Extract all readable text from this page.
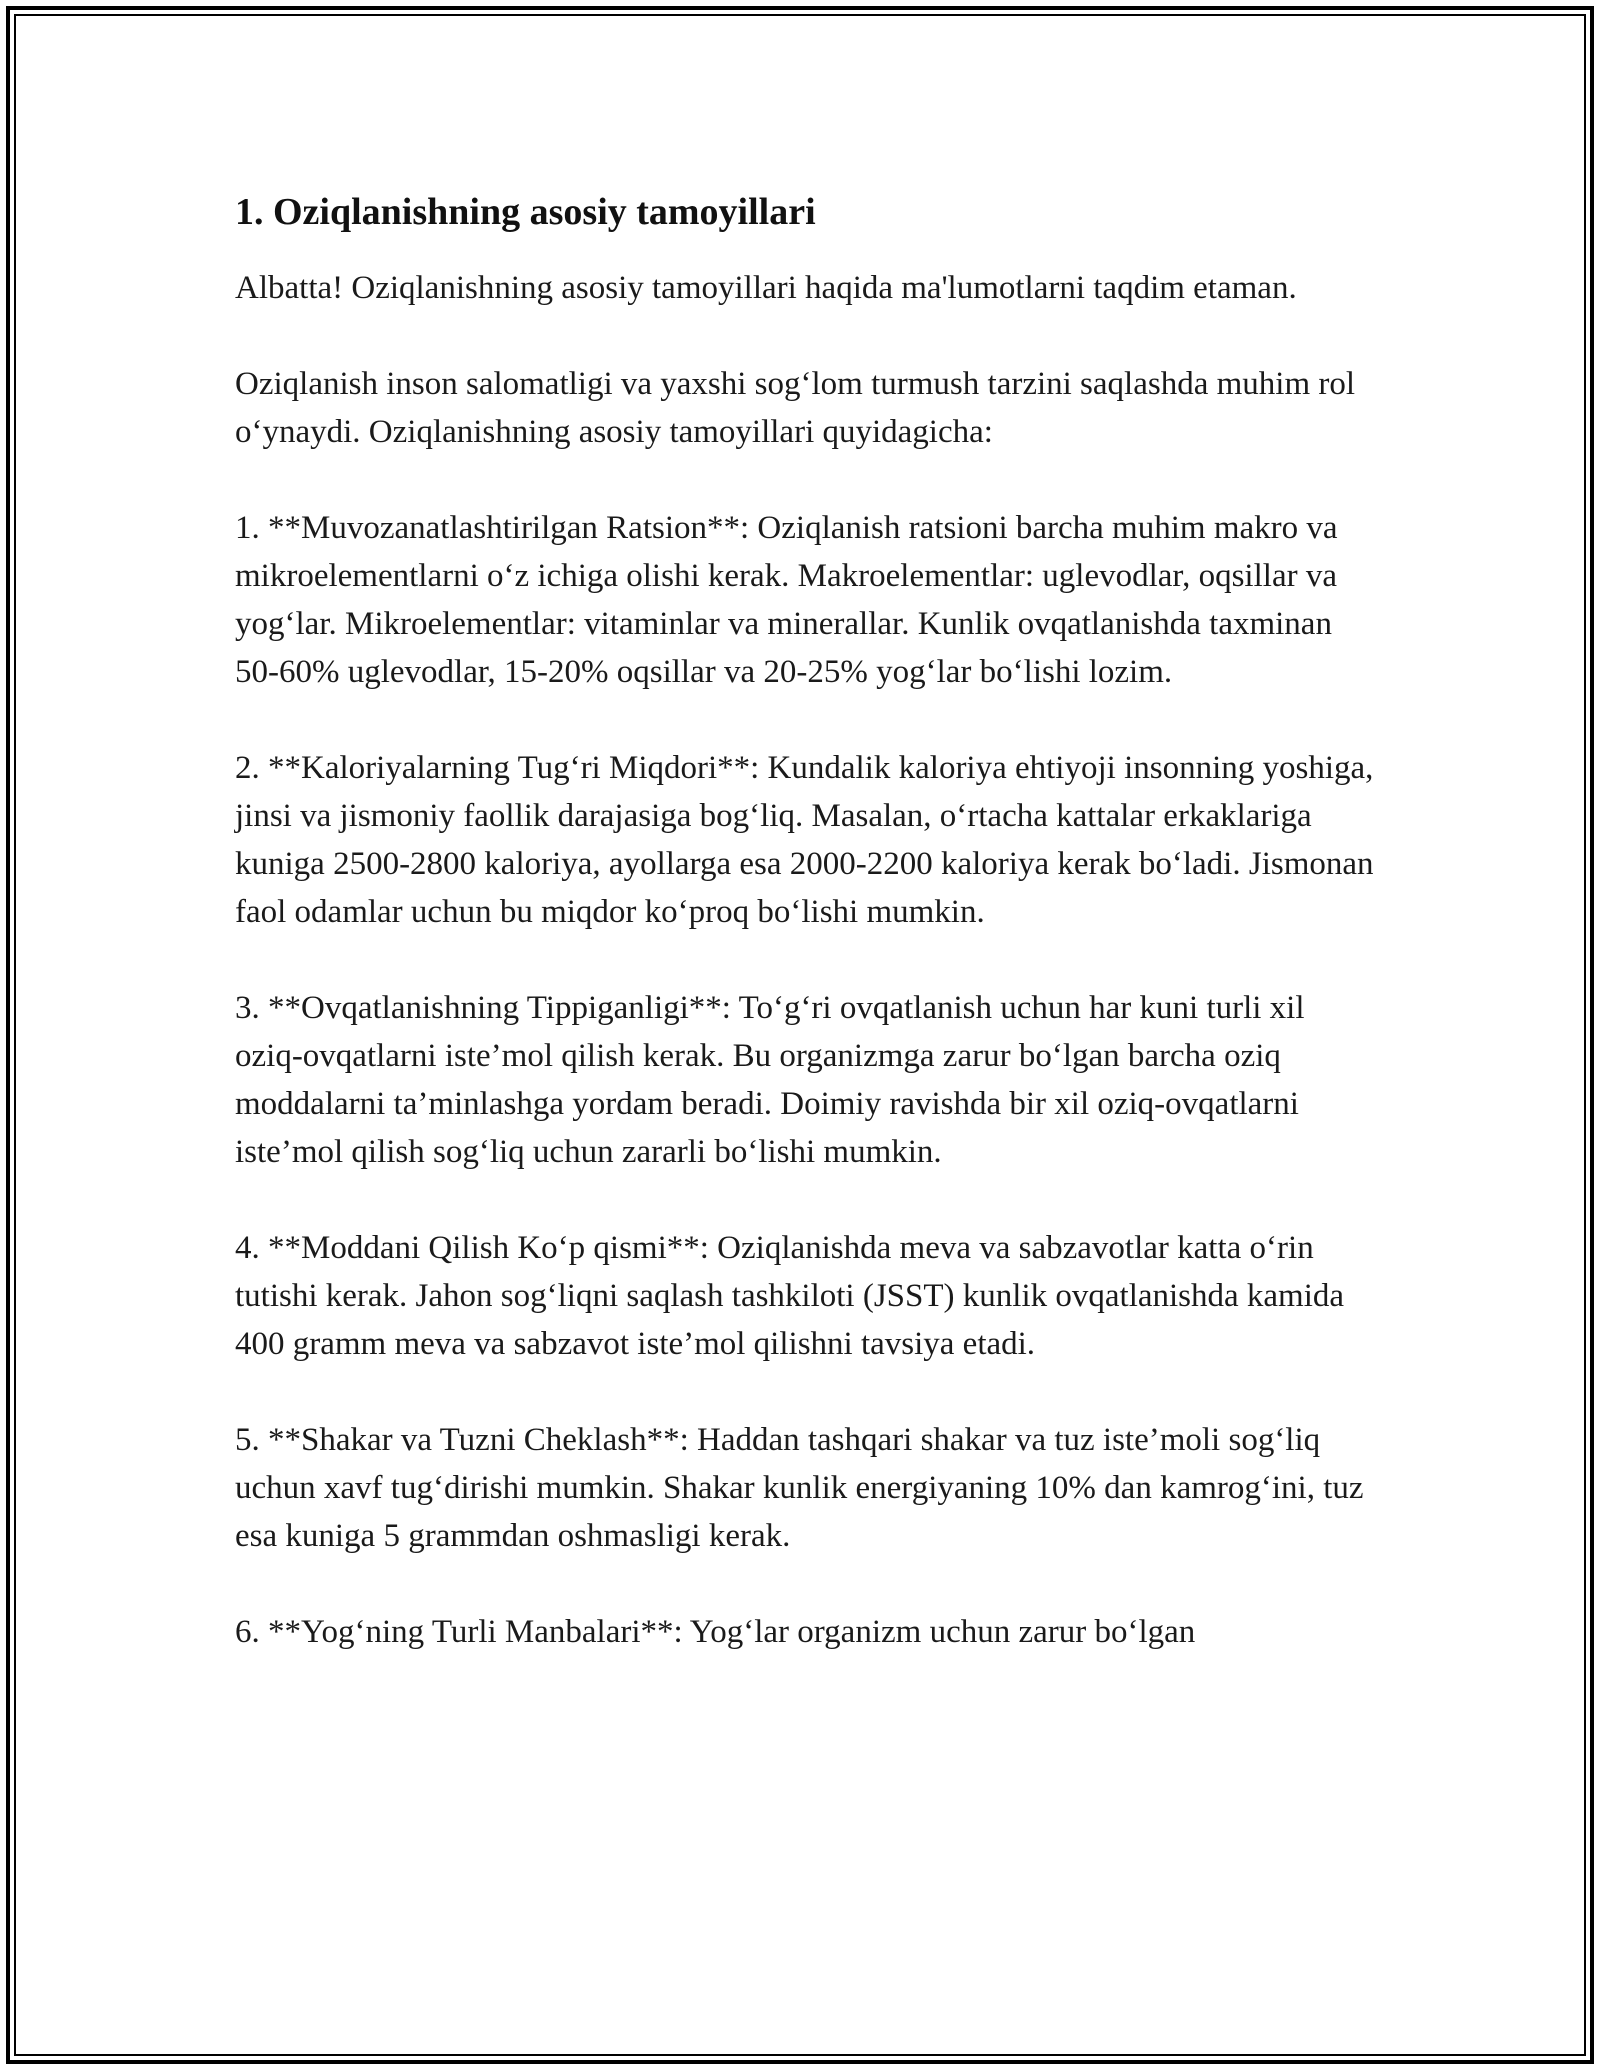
1. Oziqlanishning asosiy tamoyillari

Albatta! Oziqlanishning asosiy tamoyillari haqida ma'lumotlarni taqdim etaman.

Oziqlanish inson salomatligi va yaxshi sog‘lom turmush tarzini saqlashda muhim rol o‘ynaydi. Oziqlanishning asosiy tamoyillari quyidagicha:

1. **Muvozanatlashtirilgan Ratsion**: Oziqlanish ratsioni barcha muhim makro va mikroelementlarni o‘z ichiga olishi kerak. Makroelementlar: uglevodlar, oqsillar va yog‘lar. Mikroelementlar: vitaminlar va minerallar. Kunlik ovqatlanishda taxminan 50-60% uglevodlar, 15-20% oqsillar va 20-25% yog‘lar bo‘lishi lozim.

2. **Kaloriyalarning Tug‘ri Miqdori**: Kundalik kaloriya ehtiyoji insonning yoshiga, jinsi va jismoniy faollik darajasiga bog‘liq. Masalan, o‘rtacha kattalar erkaklariga kuniga 2500-2800 kaloriya, ayollarga esa 2000-2200 kaloriya kerak bo‘ladi. Jismonan faol odamlar uchun bu miqdor ko‘proq bo‘lishi mumkin.

3. **Ovqatlanishning Tippiganligi**: To‘g‘ri ovqatlanish uchun har kuni turli xil oziq-ovqatlarni iste’mol qilish kerak. Bu organizmga zarur bo‘lgan barcha oziq moddalarni ta’minlashga yordam beradi. Doimiy ravishda bir xil oziq-ovqatlarni iste’mol qilish sog‘liq uchun zararli bo‘lishi mumkin.

4. **Moddani Qilish Ko‘p qismi**: Oziqlanishda meva va sabzavotlar katta o‘rin tutishi kerak. Jahon sog‘liqni saqlash tashkiloti (JSST) kunlik ovqatlanishda kamida 400 gramm meva va sabzavot iste’mol qilishni tavsiya etadi.

5. **Shakar va Tuzni Cheklash**: Haddan tashqari shakar va tuz iste’moli sog‘liq uchun xavf tug‘dirishi mumkin. Shakar kunlik energiyaning 10% dan kamrog‘ini, tuz esa kuniga 5 grammdan oshmasligi kerak.

6. **Yog‘ning Turli Manbalari**: Yog‘lar organizm uchun zarur bo‘lgan
